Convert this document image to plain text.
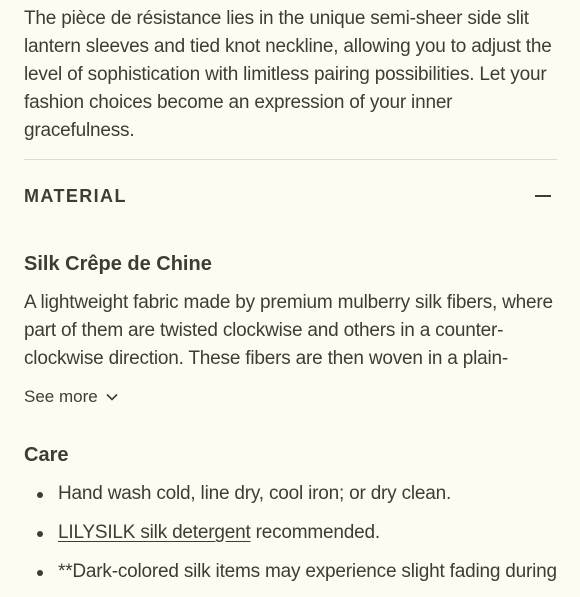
The pièce de résistance lies in the unique semi-sheer side slit lantern sleeves and tied knot neckline, allowing you to adjust the level of sophistication with limitless pairing possibilities. Let your fashion choices become an expression of your inner gracefulness.

MATERIAL
Silk Crêpe de Chine

A lightweight fabric made by premium mulberry silk fibers, where part of them are twisted clockwise and others in a counter-clockwise direction. These fibers are then woven in a plain-

See more
Care
Hand wash cold, line dry, cool iron; or dry clean.
LILYSILK silk detergent recommended.
**Dark-colored silk items may experience slight fading during
